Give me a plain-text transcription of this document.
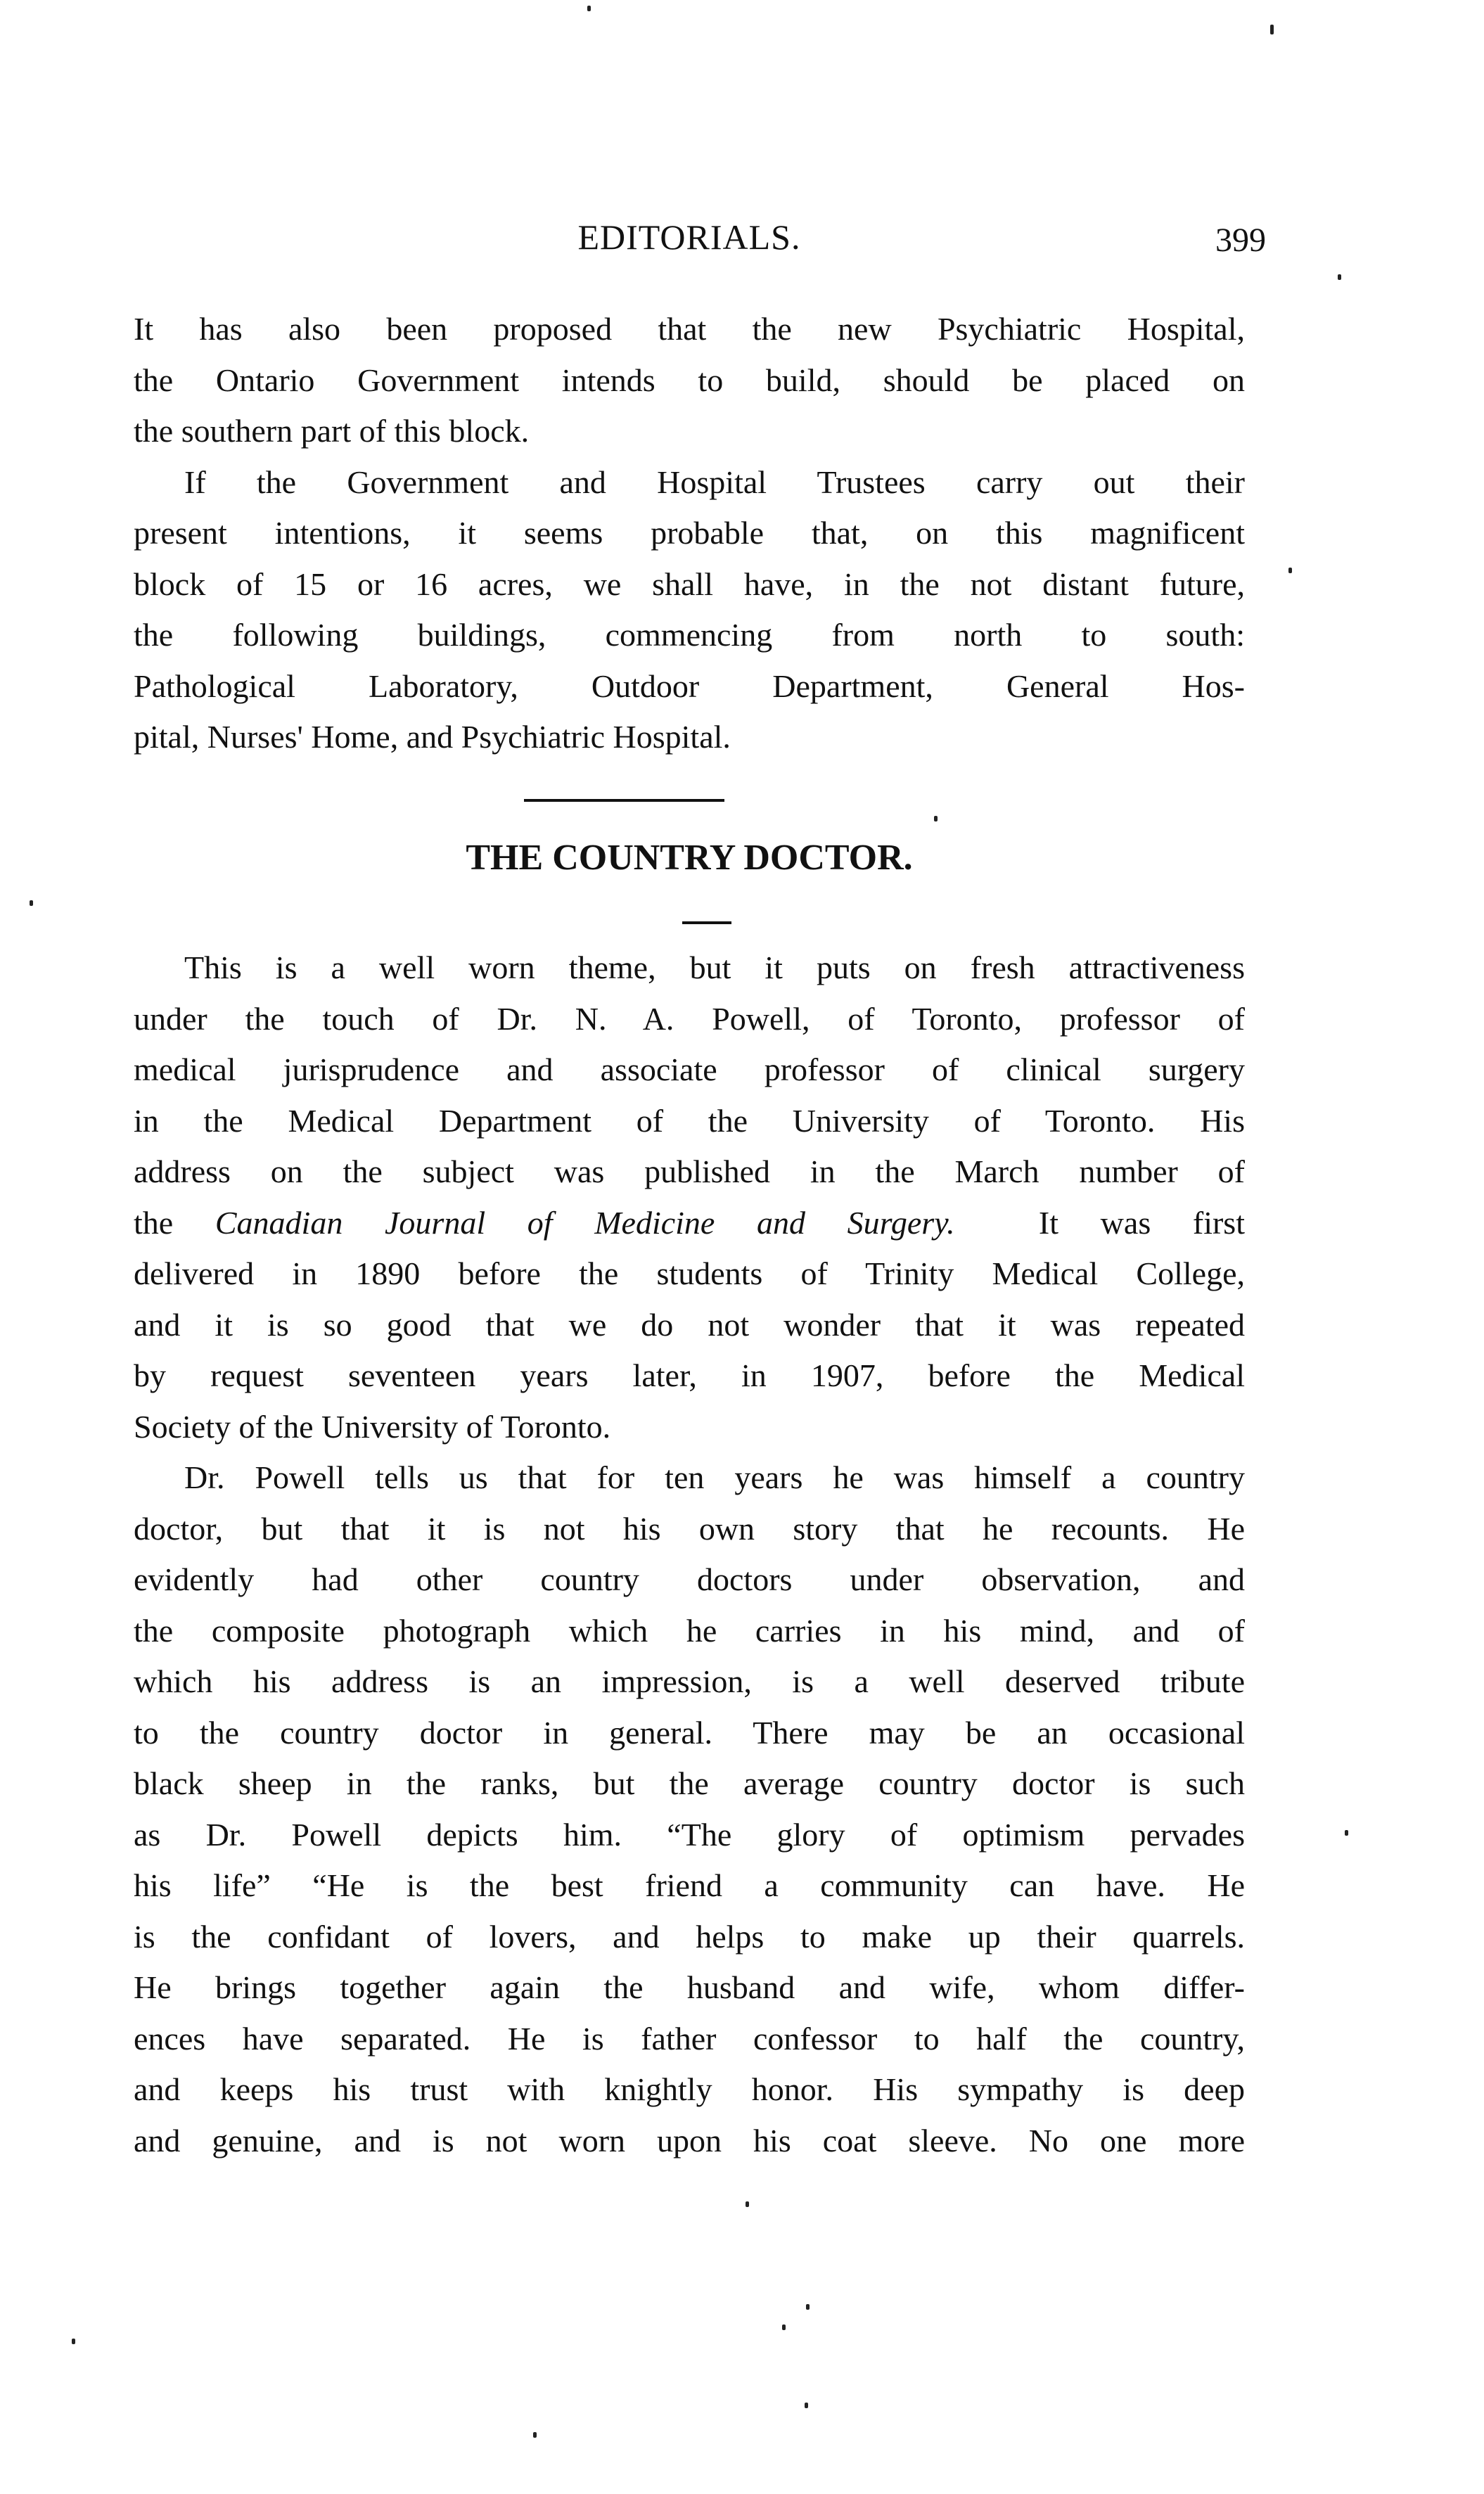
EDITORIALS.	399

It has also been proposed that the new Psychiatric Hospital,
the Ontario Government intends to build, should be placed on
the southern part of this block.

If the Government and Hospital Trustees carry out their
present intentions, it seems probable that, on this magnificent
block of 15 or 16 acres, we shall have, in the not distant future,
the following buildings, commencing from north to south:
Pathological Laboratory, Outdoor Department, General Hos-
pital, Nurses' Home, and Psychiatric Hospital.

THE COUNTRY DOCTOR.

This is a well worn theme, but it puts on fresh attractiveness
under the touch of Dr. N. A. Powell, of Toronto, professor of
medical jurisprudence and associate professor of clinical surgery
in the Medical Department of the University of Toronto. His
address on the subject was published in the March number of
the Canadian Journal of Medicine and Surgery.  It was first
delivered in 1890 before the students of Trinity Medical College,
and it is so good that we do not wonder that it was repeated
by request seventeen years later, in 1907, before the Medical
Society of the University of Toronto.

Dr. Powell tells us that for ten years he was himself a country
doctor, but that it is not his own story that he recounts. He
evidently had other country doctors under observation, and
the composite photograph which he carries in his mind, and of
which his address is an impression, is a well deserved tribute
to the country doctor in general. There may be an occasional
black sheep in the ranks, but the average country doctor is such
as Dr. Powell depicts him. “The glory of optimism pervades
his life” “He is the best friend a community can have. He
is the confidant of lovers, and helps to make up their quarrels.
He brings together again the husband and wife, whom differ-
ences have separated. He is father confessor to half the country,
and keeps his trust with knightly honor. His sympathy is deep
and genuine, and is not worn upon his coat sleeve. No one more
